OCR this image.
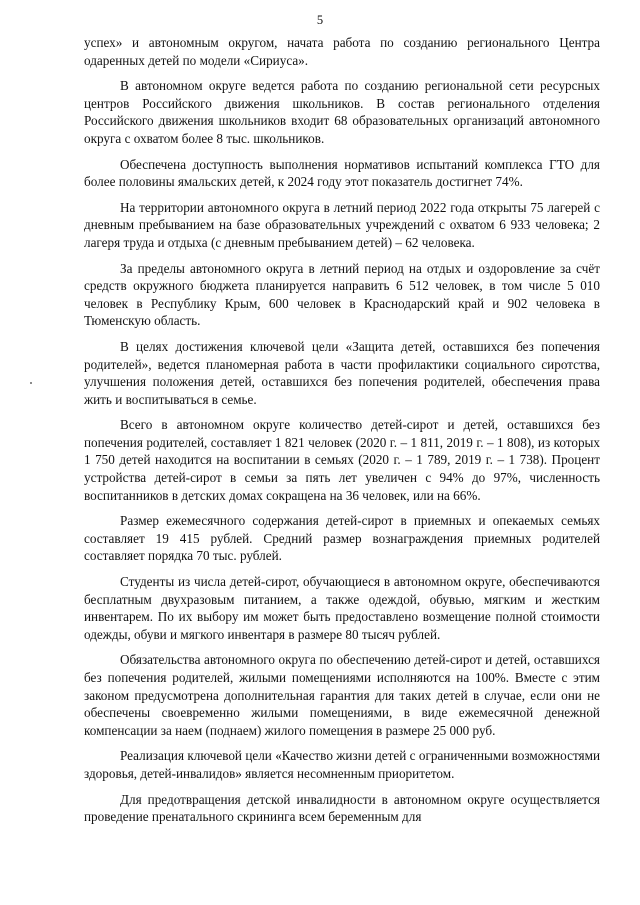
5

успех» и автономным округом, начата работа по созданию регионального Центра одаренных детей по модели «Сириуса».

В автономном округе ведется работа по созданию региональной сети ресурсных центров Российского движения школьников. В состав регионального отделения Российского движения школьников входит 68 образовательных организаций автономного округа с охватом более 8 тыс. школьников.

Обеспечена доступность выполнения нормативов испытаний комплекса ГТО для более половины ямальских детей, к 2024 году этот показатель достигнет 74%.

На территории автономного округа в летний период 2022 года открыты 75 лагерей с дневным пребыванием на базе образовательных учреждений с охватом 6 933 человека; 2 лагеря труда и отдыха (с дневным пребыванием детей) – 62 человека.

За пределы автономного округа в летний период на отдых и оздоровление за счёт средств окружного бюджета планируется направить 6 512 человек, в том числе 5 010 человек в Республику Крым, 600 человек в Краснодарский край и 902 человека в Тюменскую область.

В целях достижения ключевой цели «Защита детей, оставшихся без попечения родителей», ведется планомерная работа в части профилактики социального сиротства, улучшения положения детей, оставшихся без попечения родителей, обеспечения права жить и воспитываться в семье.

Всего в автономном округе количество детей-сирот и детей, оставшихся без попечения родителей, составляет 1 821 человек (2020 г. – 1 811, 2019 г. – 1 808), из которых 1 750 детей находится на воспитании в семьях (2020 г. – 1 789, 2019 г. – 1 738). Процент устройства детей-сирот в семьи за пять лет увеличен с 94% до 97%, численность воспитанников в детских домах сокращена на 36 человек, или на 66%.

Размер ежемесячного содержания детей-сирот в приемных и опекаемых семьях составляет 19 415 рублей. Средний размер вознаграждения приемных родителей составляет порядка 70 тыс. рублей.

Студенты из числа детей-сирот, обучающиеся в автономном округе, обеспечиваются бесплатным двухразовым питанием, а также одеждой, обувью, мягким и жестким инвентарем. По их выбору им может быть предоставлено возмещение полной стоимости одежды, обуви и мягкого инвентаря в размере 80 тысяч рублей.

Обязательства автономного округа по обеспечению детей-сирот и детей, оставшихся без попечения родителей, жилыми помещениями исполняются на 100%. Вместе с этим законом предусмотрена дополнительная гарантия для таких детей в случае, если они не обеспечены своевременно жилыми помещениями, в виде ежемесячной денежной компенсации за наем (поднаем) жилого помещения в размере 25 000 руб.

Реализация ключевой цели «Качество жизни детей с ограниченными возможностями здоровья, детей-инвалидов» является несомненным приоритетом.

Для предотвращения детской инвалидности в автономном округе осуществляется проведение пренатального скрининга всем беременным для
